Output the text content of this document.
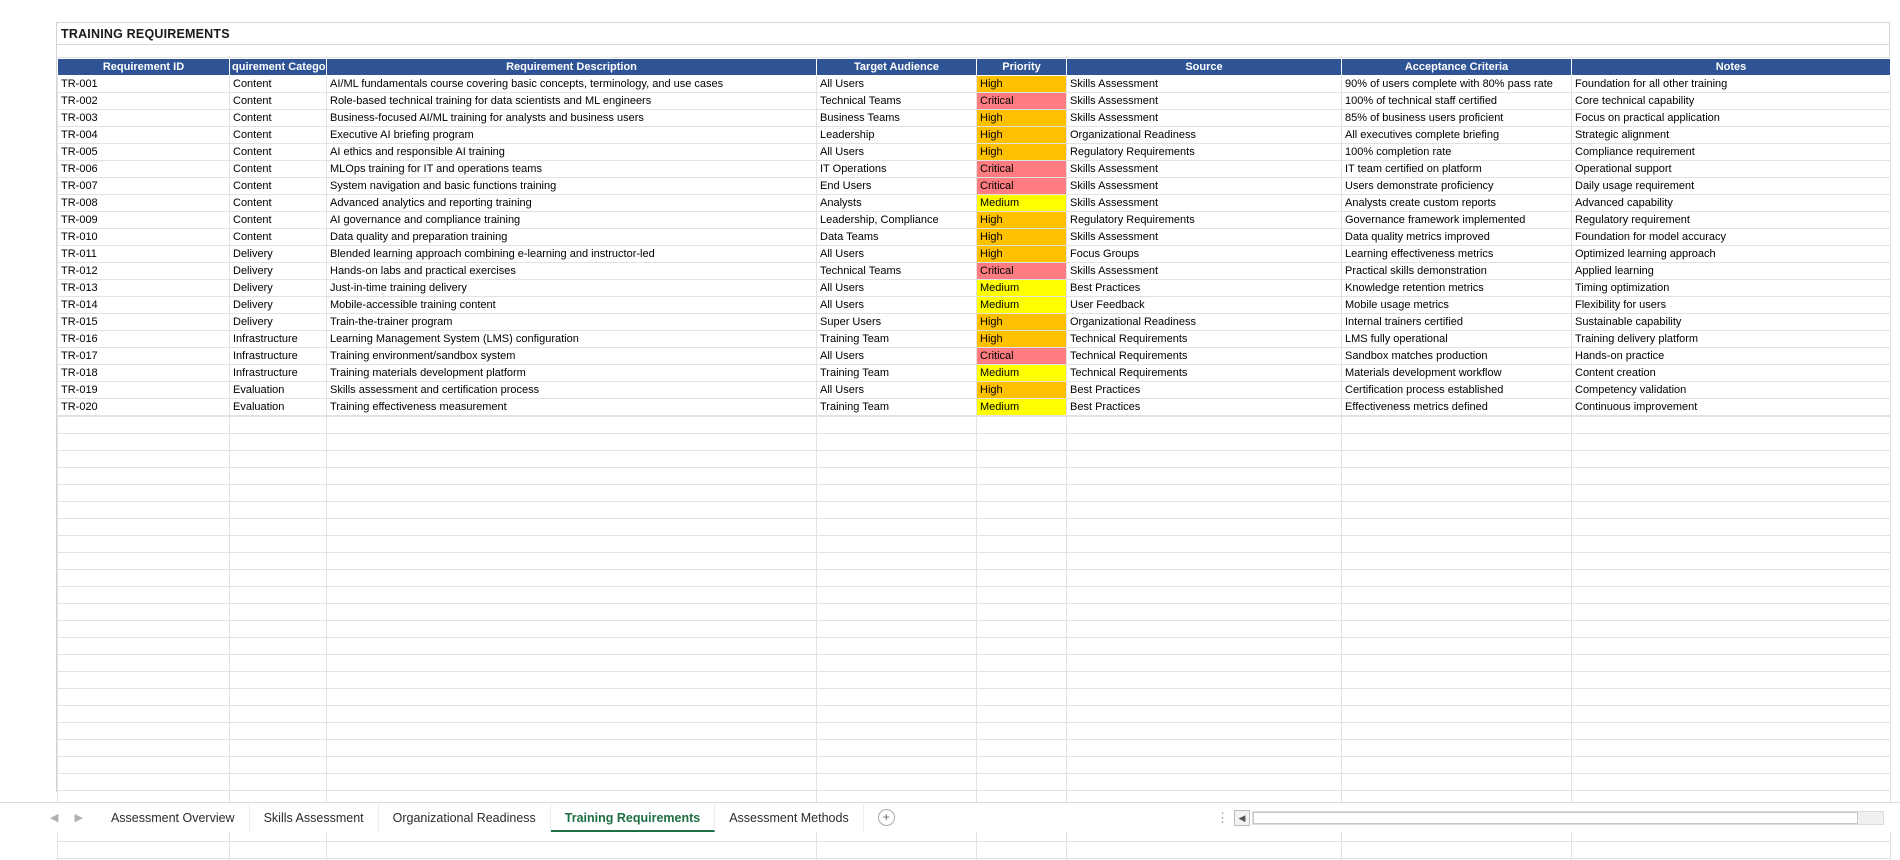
TRAINING REQUIREMENTS
Requirement ID	quirement Catego	Requirement Description	Target Audience	Priority	Source	Acceptance Criteria	Notes
TR-001	Content	AI/ML fundamentals course covering basic concepts, terminology, and use cases	All Users	High	Skills Assessment	90% of users complete with 80% pass rate	Foundation for all other training
TR-002	Content	Role-based technical training for data scientists and ML engineers	Technical Teams	Critical	Skills Assessment	100% of technical staff certified	Core technical capability
TR-003	Content	Business-focused AI/ML training for analysts and business users	Business Teams	High	Skills Assessment	85% of business users proficient	Focus on practical application
TR-004	Content	Executive AI briefing program	Leadership	High	Organizational Readiness	All executives complete briefing	Strategic alignment
TR-005	Content	AI ethics and responsible AI training	All Users	High	Regulatory Requirements	100% completion rate	Compliance requirement
TR-006	Content	MLOps training for IT and operations teams	IT Operations	Critical	Skills Assessment	IT team certified on platform	Operational support
TR-007	Content	System navigation and basic functions training	End Users	Critical	Skills Assessment	Users demonstrate proficiency	Daily usage requirement
TR-008	Content	Advanced analytics and reporting training	Analysts	Medium	Skills Assessment	Analysts create custom reports	Advanced capability
TR-009	Content	AI governance and compliance training	Leadership, Compliance	High	Regulatory Requirements	Governance framework implemented	Regulatory requirement
TR-010	Content	Data quality and preparation training	Data Teams	High	Skills Assessment	Data quality metrics improved	Foundation for model accuracy
TR-011	Delivery	Blended learning approach combining e-learning and instructor-led	All Users	High	Focus Groups	Learning effectiveness metrics	Optimized learning approach
TR-012	Delivery	Hands-on labs and practical exercises	Technical Teams	Critical	Skills Assessment	Practical skills demonstration	Applied learning
TR-013	Delivery	Just-in-time training delivery	All Users	Medium	Best Practices	Knowledge retention metrics	Timing optimization
TR-014	Delivery	Mobile-accessible training content	All Users	Medium	User Feedback	Mobile usage metrics	Flexibility for users
TR-015	Delivery	Train-the-trainer program	Super Users	High	Organizational Readiness	Internal trainers certified	Sustainable capability
TR-016	Infrastructure	Learning Management System (LMS) configuration	Training Team	High	Technical Requirements	LMS fully operational	Training delivery platform
TR-017	Infrastructure	Training environment/sandbox system	All Users	Critical	Technical Requirements	Sandbox matches production	Hands-on practice
TR-018	Infrastructure	Training materials development platform	Training Team	Medium	Technical Requirements	Materials development workflow	Content creation
TR-019	Evaluation	Skills assessment and certification process	All Users	High	Best Practices	Certification process established	Competency validation
TR-020	Evaluation	Training effectiveness measurement	Training Team	Medium	Best Practices	Effectiveness metrics defined	Continuous improvement

◀ ▶	Assessment Overview	Skills Assessment	Organizational Readiness	Training Requirements	Assessment Methods	+	⋮ ◀
